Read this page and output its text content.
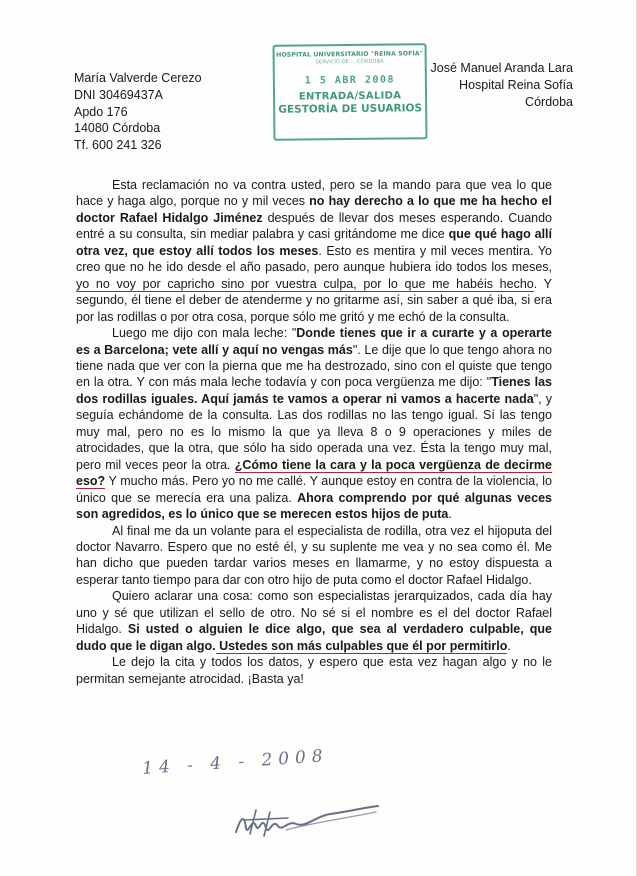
María Valverde Cerezo
DNI 30469437A
Apdo 176
14080 Córdoba
Tf. 600 241 326
HOSPITAL UNIVERSITARIO "REINA SOFÍA"
SERVICIO DE ... CÓRDOBA
1 5 ABR 2008
ENTRADA/SALIDA
GESTORÍA DE USUARIOS
José Manuel Aranda Lara
Hospital Reina Sofía
Córdoba

Esta reclamación no va contra usted, pero se la mando para que vea lo que hace y haga algo, porque no y mil veces no hay derecho a lo que me ha hecho el doctor Rafael Hidalgo Jiménez después de llevar dos meses esperando. Cuando entré a su consulta, sin mediar palabra y casi gritándome me dice que qué hago allí otra vez, que estoy allí todos los meses. Esto es mentira y mil veces mentira. Yo creo que no he ido desde el año pasado, pero aunque hubiera ido todos los meses, yo no voy por capricho sino por vuestra culpa, por lo que me habéis hecho. Y segundo, él tiene el deber de atenderme y no gritarme así, sin saber a qué iba, si era por las rodillas o por otra cosa, porque sólo me gritó y me echó de la consulta.

Luego me dijo con mala leche: "Donde tienes que ir a curarte y a operarte es a Barcelona; vete allí y aquí no vengas más". Le dije que lo que tengo ahora no tiene nada que ver con la pierna que me ha destrozado, sino con el quiste que tengo en la otra. Y con más mala leche todavía y con poca vergüenza me dijo: "Tienes las dos rodillas iguales. Aquí jamás te vamos a operar ni vamos a hacerte nada", y seguía echándome de la consulta. Las dos rodillas no las tengo igual. Sí las tengo muy mal, pero no es lo mismo la que ya lleva 8 o 9 operaciones y miles de atrocidades, que la otra, que sólo ha sido operada una vez. Ésta la tengo muy mal, pero mil veces peor la otra. ¿Cómo tiene la cara y la poca vergüenza de decirme eso? Y mucho más. Pero yo no me callé. Y aunque estoy en contra de la violencia, lo único que se merecía era una paliza. Ahora comprendo por qué algunas veces son agredidos, es lo único que se merecen estos hijos de puta.

Al final me da un volante para el especialista de rodilla, otra vez el hijoputa del doctor Navarro. Espero que no esté él, y su suplente me vea y no sea como él. Me han dicho que pueden tardar varios meses en llamarme, y no estoy dispuesta a esperar tanto tiempo para dar con otro hijo de puta como el doctor Rafael Hidalgo.

Quiero aclarar una cosa: como son especialistas jerarquizados, cada día hay uno y sé que utilizan el sello de otro. No sé si el nombre es el del doctor Rafael Hidalgo. Si usted o alguien le dice algo, que sea al verdadero culpable, que dudo que le digan algo. Ustedes son más culpables que él por permitirlo.

Le dejo la cita y todos los datos, y espero que esta vez hagan algo y no le permitan semejante atrocidad. ¡Basta ya!

14 - 4 - 2008
